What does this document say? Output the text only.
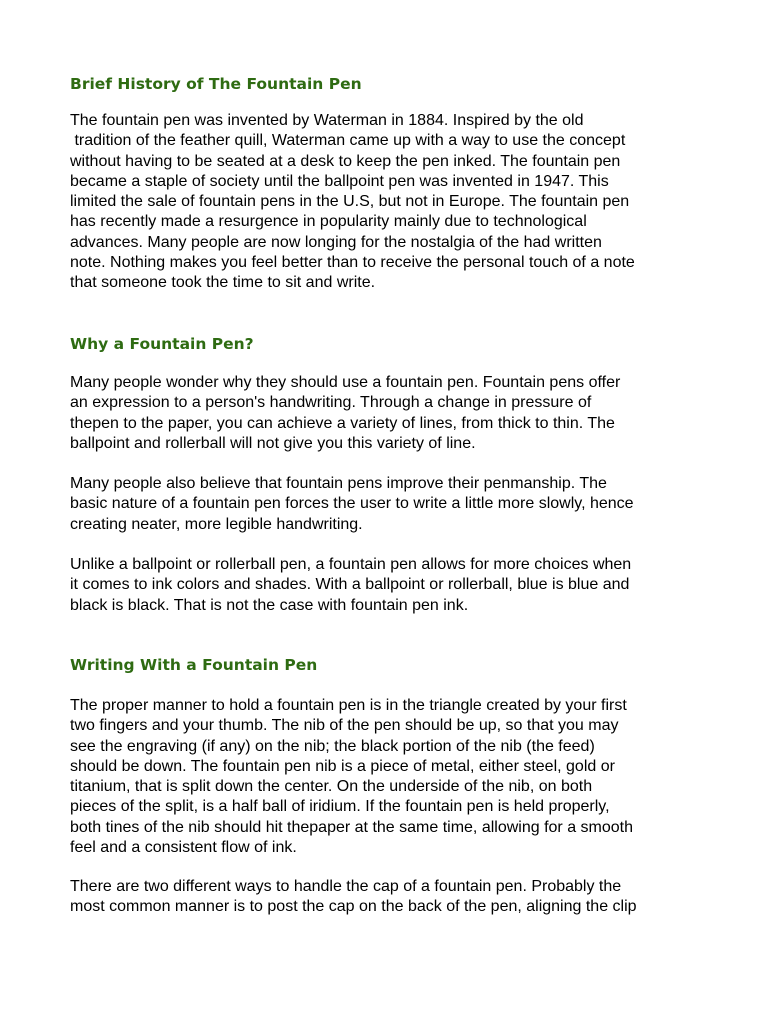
Brief History of The Fountain Pen

The fountain pen was invented by Waterman in 1884. Inspired by the old
tradition of the feather quill, Waterman came up with a way to use the concept
without having to be seated at a desk to keep the pen inked. The fountain pen
became a staple of society until the ballpoint pen was invented in 1947. This
limited the sale of fountain pens in the U.S, but not in Europe. The fountain pen
has recently made a resurgence in popularity mainly due to technological
advances. Many people are now longing for the nostalgia of the had written
note. Nothing makes you feel better than to receive the personal touch of a note
that someone took the time to sit and write.

Why a Fountain Pen?

Many people wonder why they should use a fountain pen. Fountain pens offer
an expression to a person's handwriting. Through a change in pressure of
thepen to the paper, you can achieve a variety of lines, from thick to thin. The
ballpoint and rollerball will not give you this variety of line.

Many people also believe that fountain pens improve their penmanship. The
basic nature of a fountain pen forces the user to write a little more slowly, hence
creating neater, more legible handwriting.

Unlike a ballpoint or rollerball pen, a fountain pen allows for more choices when
it comes to ink colors and shades. With a ballpoint or rollerball, blue is blue and
black is black. That is not the case with fountain pen ink.

Writing With a Fountain Pen

The proper manner to hold a fountain pen is in the triangle created by your first
two fingers and your thumb. The nib of the pen should be up, so that you may
see the engraving (if any) on the nib; the black portion of the nib (the feed)
should be down. The fountain pen nib is a piece of metal, either steel, gold or
titanium, that is split down the center. On the underside of the nib, on both
pieces of the split, is a half ball of iridium. If the fountain pen is held properly,
both tines of the nib should hit thepaper at the same time, allowing for a smooth
feel and a consistent flow of ink.

There are two different ways to handle the cap of a fountain pen. Probably the
most common manner is to post the cap on the back of the pen, aligning the clip
